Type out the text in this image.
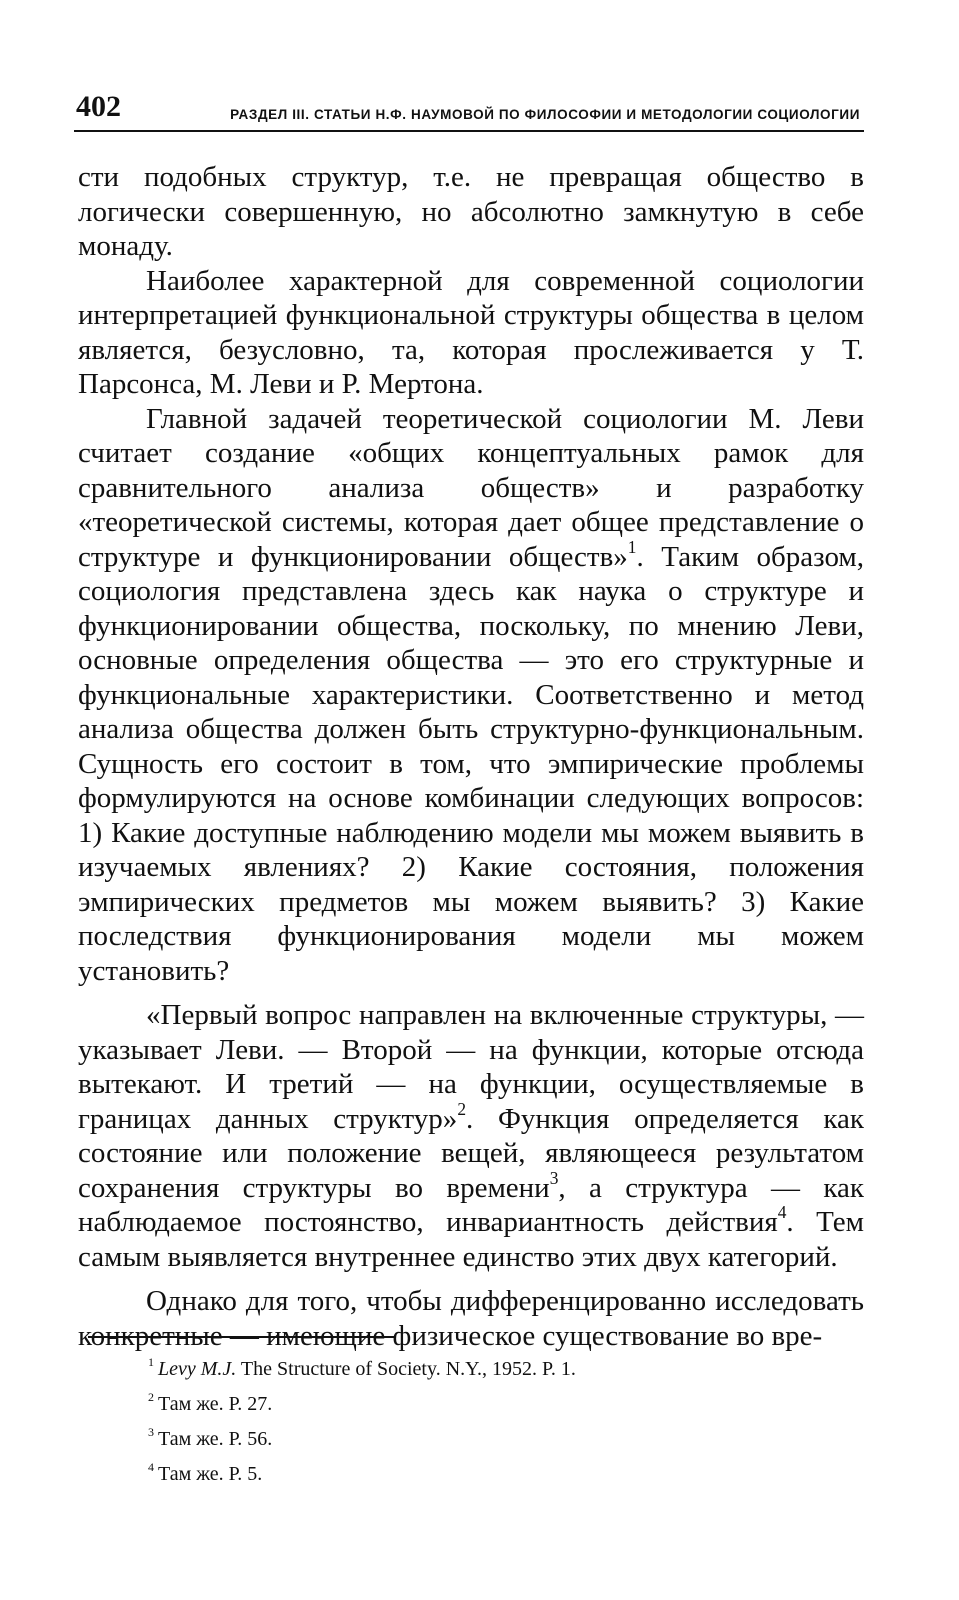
402	РАЗДЕЛ III. СТАТЬИ Н.Ф. НАУМОВОЙ ПО ФИЛОСОФИИ И МЕТОДОЛОГИИ СОЦИОЛОГИИ

сти подобных структур, т.е. не превращая общество в логически совершенную, но абсолютно замкнутую в себе монаду.

Наиболее характерной для современной социологии интерпретацией функциональной структуры общества в целом является, безусловно, та, которая прослеживается у Т. Парсонса, М. Леви и Р. Мертона.

Главной задачей теоретической социологии М. Леви считает создание «общих концептуальных рамок для сравнительного анализа обществ» и разработку «теоретической системы, которая дает общее представление о структуре и функционировании обществ»$^1$. Таким образом, социология представлена здесь как наука о структуре и функционировании общества, поскольку, по мнению Леви, основные определения общества — это его структурные и функциональные характеристики. Соответственно и метод анализа общества должен быть структурно-функциональным. Сущность его состоит в том, что эмпирические проблемы формулируются на основе комбинации следующих вопросов: 1) Какие доступные наблюдению модели мы можем выявить в изучаемых явлениях? 2) Какие состояния, положения эмпирических предметов мы можем выявить? 3) Какие последствия функционирования модели мы можем установить?

«Первый вопрос направлен на включенные структуры, — указывает Леви. — Второй — на функции, которые отсюда вытекают. И третий — на функции, осуществляемые в границах данных структур»$^2$. Функция определяется как состояние или положение вещей, являющееся результатом сохранения структуры во времени$^3$, а структура — как наблюдаемое постоянство, инвариантность действия$^4$. Тем самым выявляется внутреннее единство этих двух категорий.

Однако для того, чтобы дифференцированно исследовать конкретные — имеющие физическое существование во вре-

$^1$ Levy M.J. The Structure of Society. N.Y., 1952. P. 1.
$^2$ Там же. Р. 27.
$^3$ Там же. Р. 56.
$^4$ Там же. Р. 5.
